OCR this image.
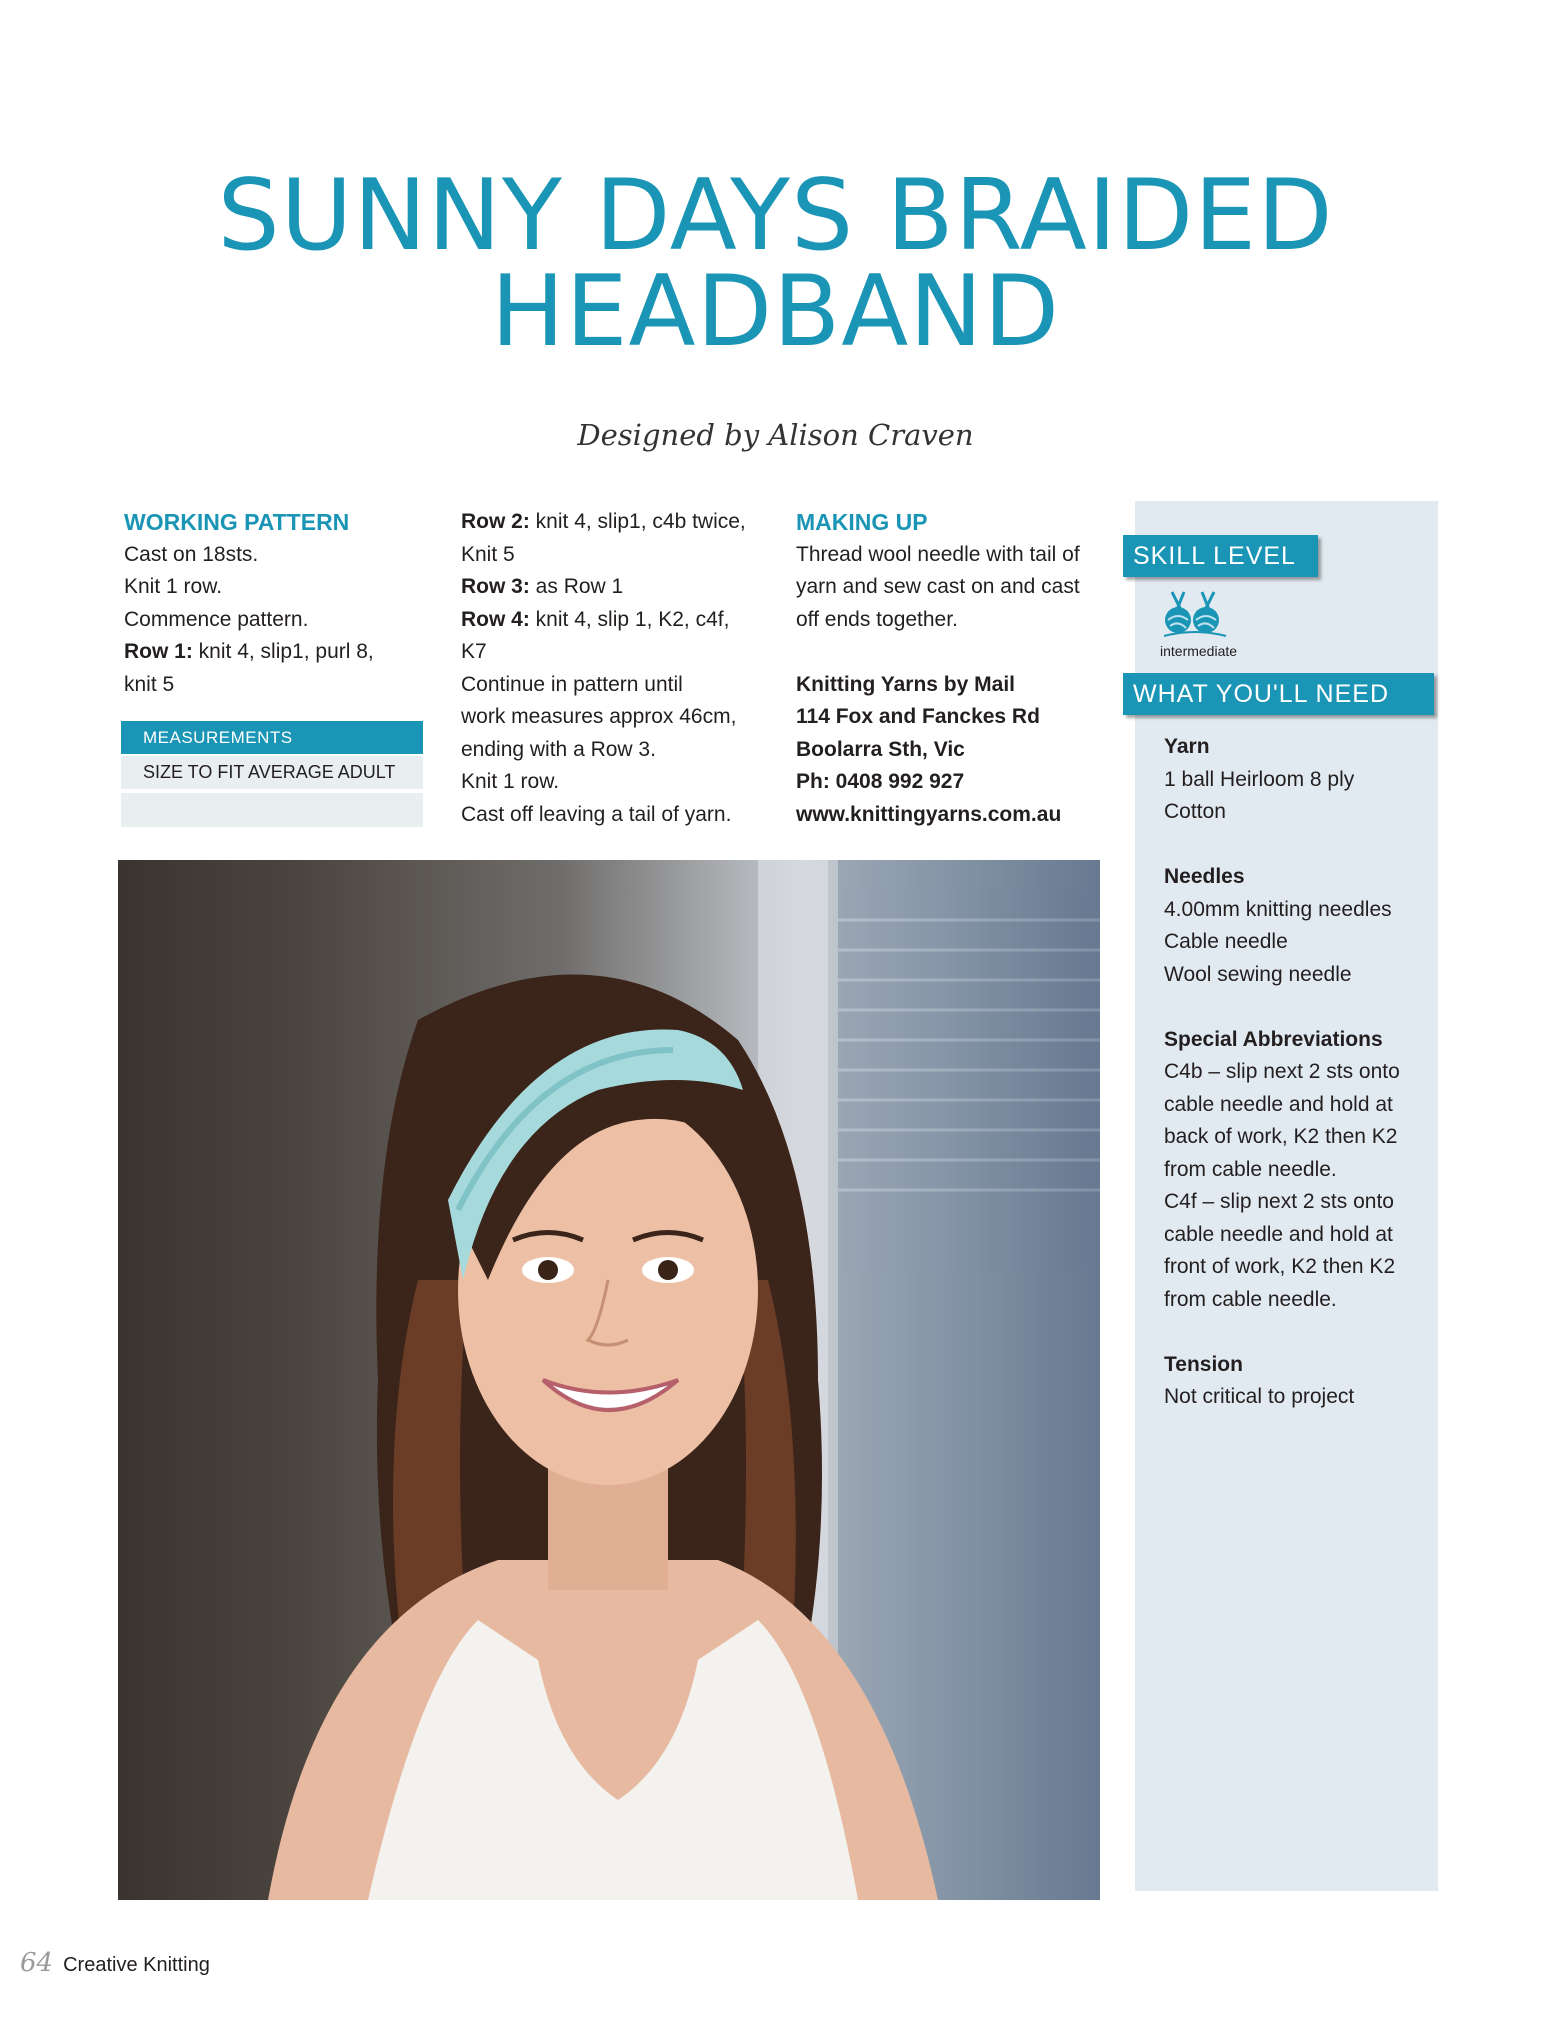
SUNNY DAYS BRAIDED
HEADBAND
Designed by Alison Craven

WORKING PATTERN

Cast on 18sts.

Knit 1 row.

Commence pattern.

Row 1: knit 4, slip1, purl 8,

knit 5

MEASUREMENTS
SIZE TO FIT AVERAGE ADULT

Row 2: knit 4, slip1, c4b twice,

Knit 5

Row 3: as Row 1

Row 4: knit 4, slip 1, K2, c4f,

K7

Continue in pattern until

work measures approx 46cm,

ending with a Row 3.

Knit 1 row.

Cast off leaving a tail of yarn.

MAKING UP

Thread wool needle with tail of

yarn and sew cast on and cast

off ends together.

Knitting Yarns by Mail

114 Fox and Fanckes Rd

Boolarra Sth, Vic

Ph: 0408 992 927

www.knittingyarns.com.au

SKILL LEVEL
intermediate
WHAT YOU'LL NEED

Yarn

1 ball Heirloom 8 ply

Cotton

Needles

4.00mm knitting needles

Cable needle

Wool sewing needle

Special Abbreviations

C4b – slip next 2 sts onto

cable needle and hold at

back of work, K2 then K2

from cable needle.

C4f – slip next 2 sts onto

cable needle and hold at

front of work, K2 then K2

from cable needle.

Tension

Not critical to project

64 Creative Knitting
